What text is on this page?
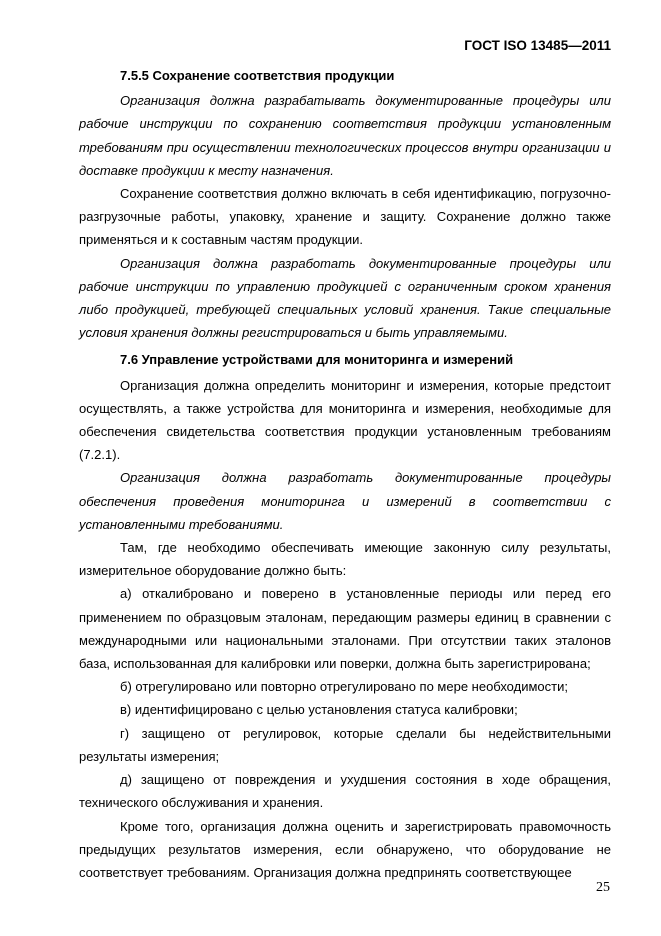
ГОСТ ISO 13485—2011

7.5.5 Сохранение соответствия продукции

Организация должна разрабатывать документированные процедуры или рабочие инструкции по сохранению соответствия продукции установленным требованиям при осуществлении технологических процессов внутри организации и доставке продукции к месту назначения.

Сохранение соответствия должно включать в себя идентификацию, погрузочно-разгрузочные работы, упаковку, хранение и защиту. Сохранение должно также применяться и к составным частям продукции.

Организация должна разработать документированные процедуры или рабочие инструкции по управлению продукцией с ограниченным сроком хранения либо продукцией, требующей специальных условий хранения. Такие специальные условия хранения должны регистрироваться и быть управляемыми.

7.6 Управление устройствами для мониторинга и измерений

Организация должна определить мониторинг и измерения, которые предстоит осуществлять, а также устройства для мониторинга и измерения, необходимые для обеспечения свидетельства соответствия продукции установленным требованиям (7.2.1).

Организация должна разработать документированные процедуры обеспечения проведения мониторинга и измерений в соответствии с установленными требованиями.

Там, где необходимо обеспечивать имеющие законную силу результаты, измерительное оборудование должно быть:

а) откалибровано и поверено в установленные периоды или перед его применением по образцовым эталонам, передающим размеры единиц в сравнении с международными или национальными эталонами. При отсутствии таких эталонов база, использованная для калибровки или поверки, должна быть зарегистрирована;

б) отрегулировано или повторно отрегулировано по мере необходимости;

в) идентифицировано с целью установления статуса калибровки;

г) защищено от регулировок, которые сделали бы недействительными результаты измерения;

д) защищено от повреждения и ухудшения состояния в ходе обращения, технического обслуживания и хранения.

Кроме того, организация должна оценить и зарегистрировать правомочность предыдущих результатов измерения, если обнаружено, что оборудование не соответствует требованиям. Организация должна предпринять соответствующее

25
